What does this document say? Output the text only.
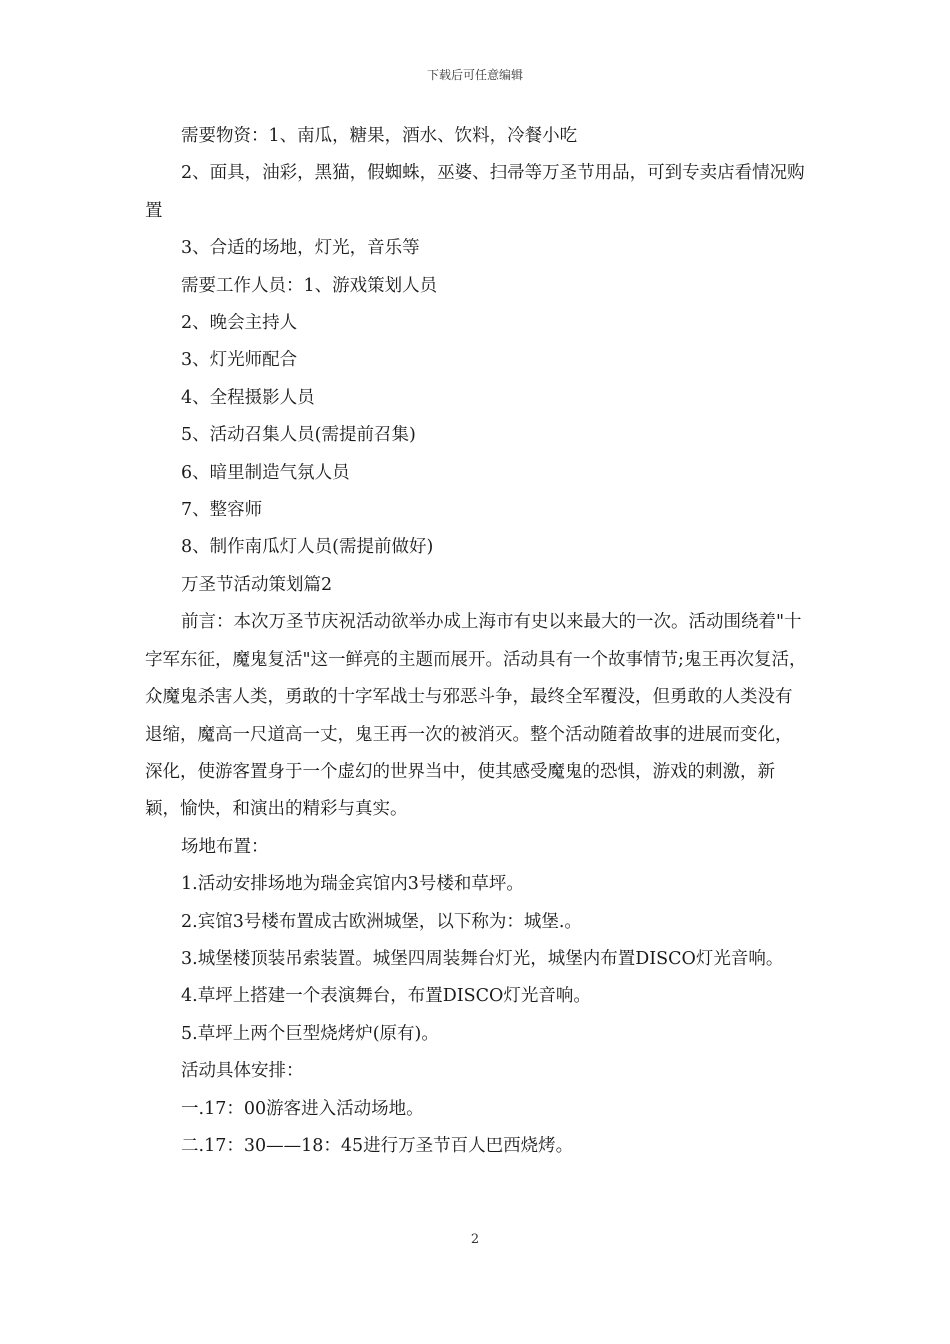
下载后可任意编辑

需要物资：1、南瓜，糖果，酒水、饮料，冷餐小吃

2、面具，油彩，黑猫，假蜘蛛，巫婆、扫帚等万圣节用品，可到专卖店看情况购置

3、合适的场地，灯光，音乐等

需要工作人员：1、游戏策划人员

2、晚会主持人

3、灯光师配合

4、全程摄影人员

5、活动召集人员(需提前召集)

6、暗里制造气氛人员

7、整容师

8、制作南瓜灯人员(需提前做好)

万圣节活动策划篇2

前言：本次万圣节庆祝活动欲举办成上海市有史以来最大的一次。活动围绕着"十字军东征，魔鬼复活"这一鲜亮的主题而展开。活动具有一个故事情节;鬼王再次复活，众魔鬼杀害人类，勇敢的十字军战士与邪恶斗争，最终全军覆没，但勇敢的人类没有退缩，魔高一尺道高一丈，鬼王再一次的被消灭。整个活动随着故事的进展而变化，深化，使游客置身于一个虚幻的世界当中，使其感受魔鬼的恐惧，游戏的刺激，新颖，愉快，和演出的精彩与真实。

场地布置：

1.活动安排场地为瑞金宾馆内3号楼和草坪。

2.宾馆3号楼布置成古欧洲城堡，以下称为：城堡.。

3.城堡楼顶装吊索装置。城堡四周装舞台灯光，城堡内布置DISCO灯光音响。

4.草坪上搭建一个表演舞台，布置DISCO灯光音响。

5.草坪上两个巨型烧烤炉(原有)。

活动具体安排：

一.17：00游客进入活动场地。

二.17：30——18：45进行万圣节百人巴西烧烤。

2
